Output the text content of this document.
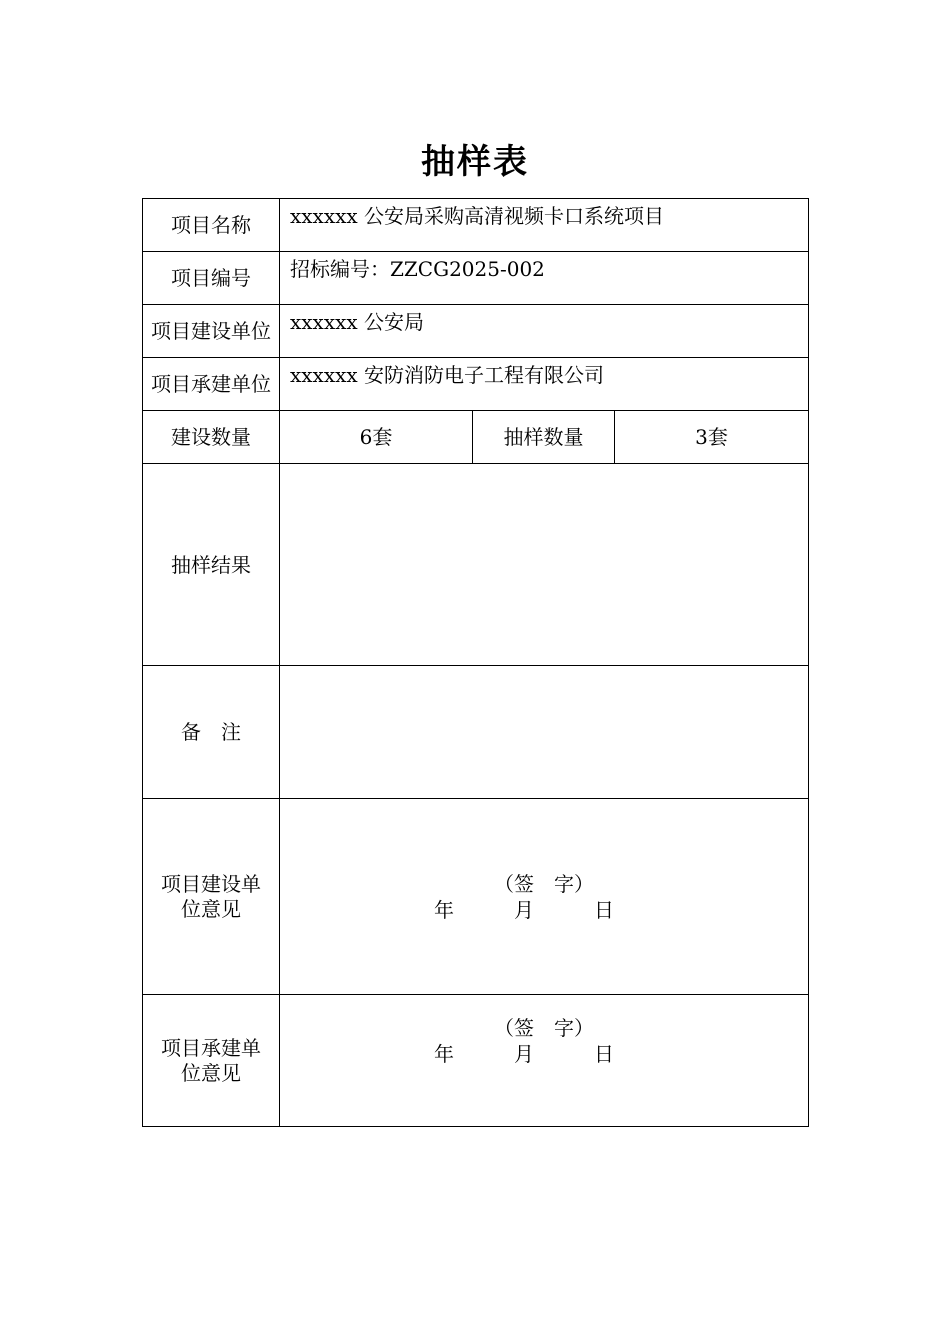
抽样表
项目名称	xxxxxx 公安局采购高清视频卡口系统项目		
项目编号	招标编号：ZZCG2025-002		
项目建设单位	xxxxxx 公安局		
项目承建单位	xxxxxx 安防消防电子工程有限公司		
建设数量	6套	抽样数量	3套
抽样结果			
备　注			
项目建设单位意见	（签　字）
年 月 日		

项目承建单位意见	（签　字）
年 月 日		
